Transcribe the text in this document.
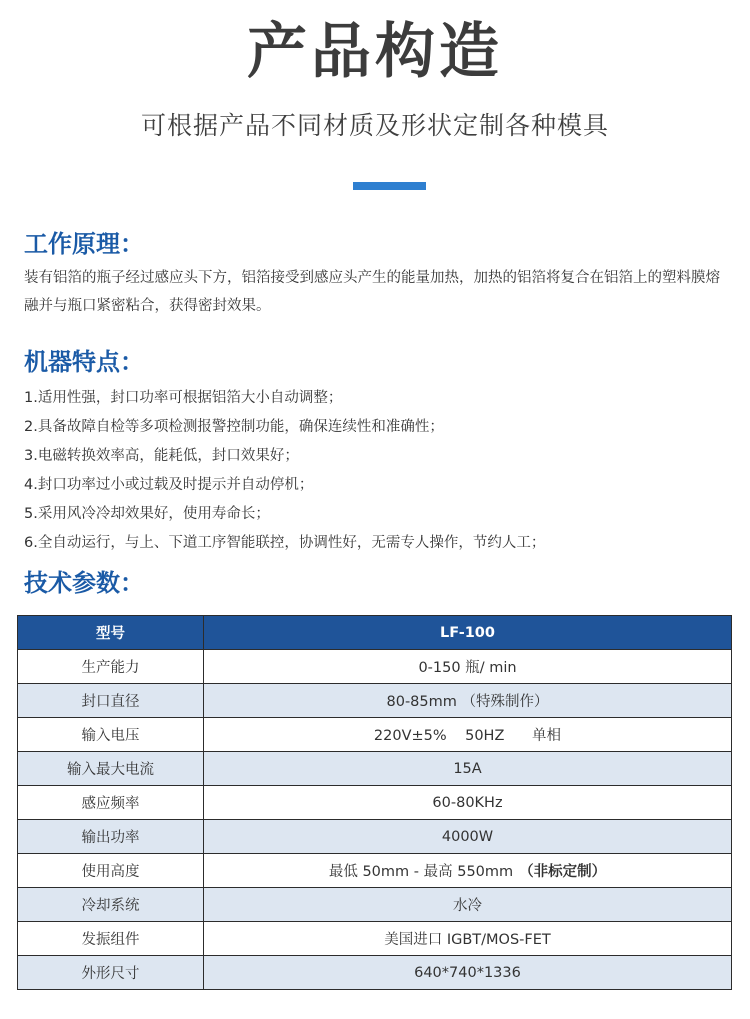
产品构造

可根据产品不同材质及形状定制各种模具

工作原理：

装有铝箔的瓶子经过感应头下方，铝箔接受到感应头产生的能量加热，加热的铝箔将复合在铝箔上的塑料膜熔融并与瓶口紧密粘合，获得密封效果。

机器特点：
1.适用性强，封口功率可根据铝箔大小自动调整；
2.具备故障自检等多项检测报警控制功能，确保连续性和准确性；
3.电磁转换效率高，能耗低，封口效果好；
4.封口功率过小或过载及时提示并自动停机；
5.采用风冷冷却效果好，使用寿命长；
6.全自动运行，与上、下道工序智能联控，协调性好，无需专人操作，节约人工；
技术参数：
型号	LF-100
生产能力	0-150 瓶/ min
封口直径	80-85mm （特殊制作）
输入电压	220V±5%    50HZ      单相
输入最大电流	15A
感应频率	60-80KHz
输出功率	4000W
使用高度	最低 50mm - 最高 550mm （非标定制）
冷却系统	水冷
发振组件	美国进口 IGBT/MOS-FET
外形尺寸	640*740*1336
